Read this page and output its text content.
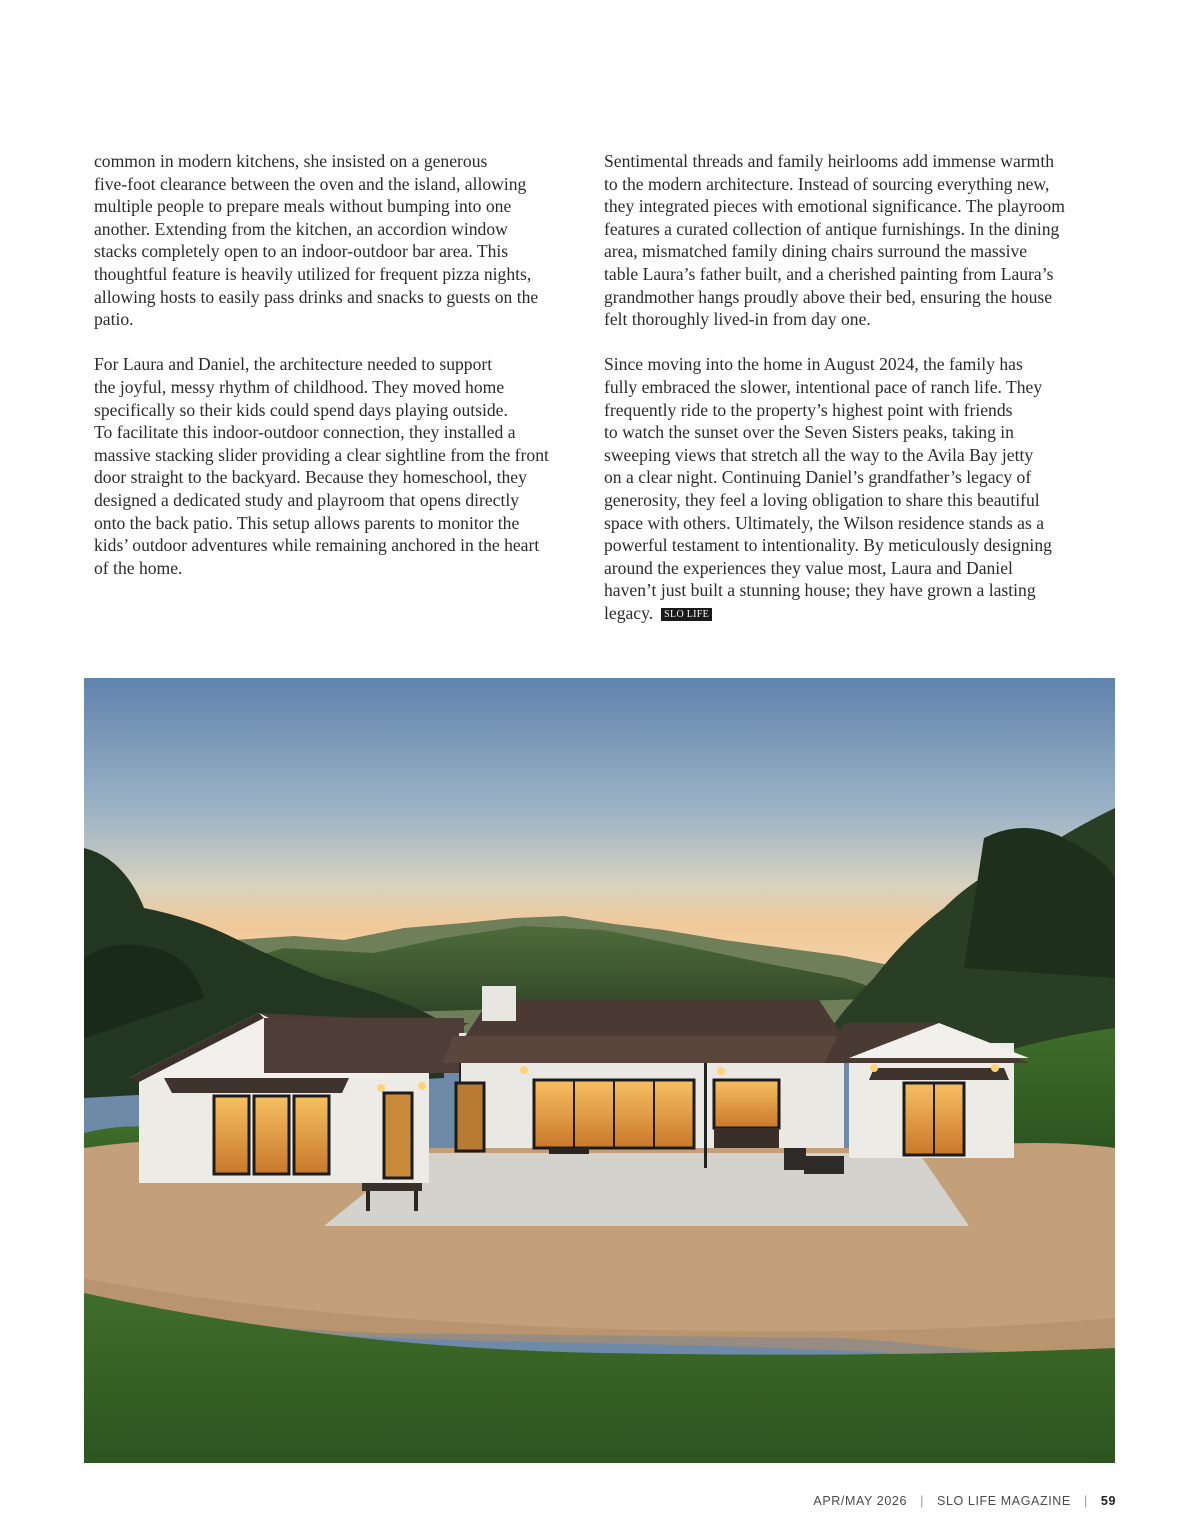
common in modern kitchens, she insisted on a generous
five-foot clearance between the oven and the island, allowing
multiple people to prepare meals without bumping into one
another. Extending from the kitchen, an accordion window
stacks completely open to an indoor-outdoor bar area. This
thoughtful feature is heavily utilized for frequent pizza nights,
allowing hosts to easily pass drinks and snacks to guests on the
patio.
For Laura and Daniel, the architecture needed to support
the joyful, messy rhythm of childhood. They moved home
specifically so their kids could spend days playing outside.
To facilitate this indoor-outdoor connection, they installed a
massive stacking slider providing a clear sightline from the front
door straight to the backyard. Because they homeschool, they
designed a dedicated study and playroom that opens directly
onto the back patio. This setup allows parents to monitor the
kids’ outdoor adventures while remaining anchored in the heart
of the home.
Sentimental threads and family heirlooms add immense warmth
to the modern architecture. Instead of sourcing everything new,
they integrated pieces with emotional significance. The playroom
features a curated collection of antique furnishings. In the dining
area, mismatched family dining chairs surround the massive
table Laura’s father built, and a cherished painting from Laura’s
grandmother hangs proudly above their bed, ensuring the house
felt thoroughly lived-in from day one.
Since moving into the home in August 2024, the family has
fully embraced the slower, intentional pace of ranch life. They
frequently ride to the property’s highest point with friends
to watch the sunset over the Seven Sisters peaks, taking in
sweeping views that stretch all the way to the Avila Bay jetty
on a clear night. Continuing Daniel’s grandfather’s legacy of
generosity, they feel a loving obligation to share this beautiful
space with others. Ultimately, the Wilson residence stands as a
powerful testament to intentionality. By meticulously designing
around the experiences they value most, Laura and Daniel
haven’t just built a stunning house; they have grown a lasting
legacy. SLO LIFE
APR/MAY 2026 | SLO LIFE MAGAZINE | 59
